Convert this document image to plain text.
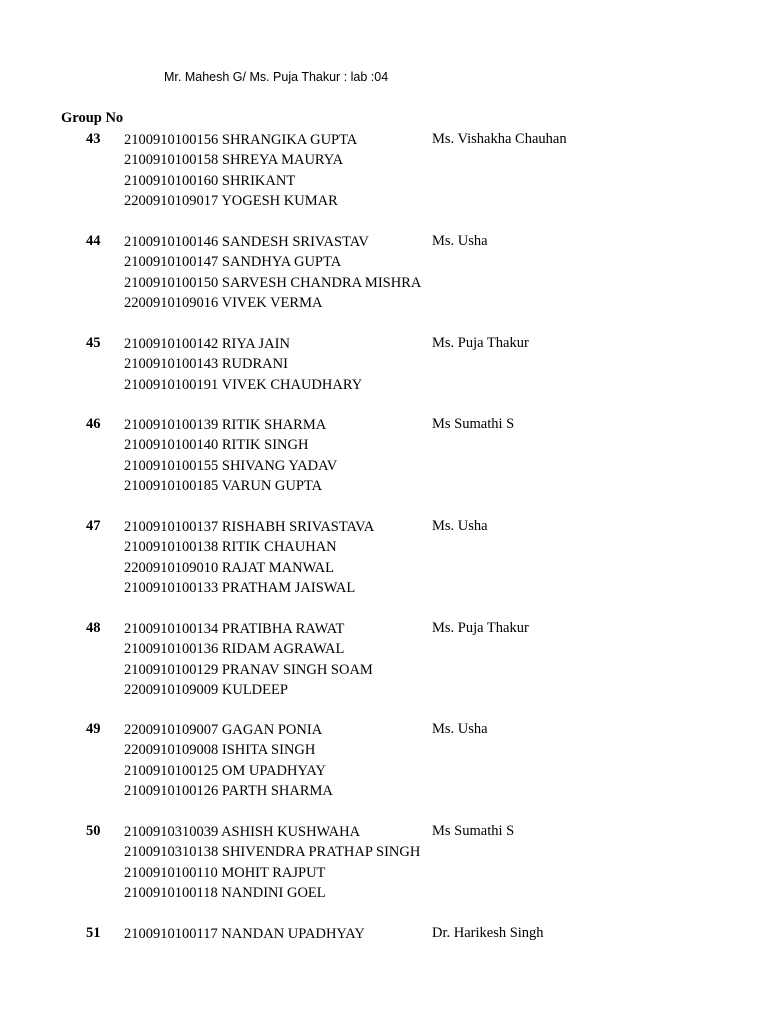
Mr. Mahesh G/ Ms. Puja Thakur : lab :04
Group No
43 2100910100156 SHRANGIKA GUPTA
2100910100158 SHREYA MAURYA
2100910100160 SHRIKANT
2200910109017 YOGESH KUMAR
Ms. Vishakha Chauhan
44 2100910100146 SANDESH SRIVASTAV
2100910100147 SANDHYA GUPTA
2100910100150 SARVESH CHANDRA MISHRA
2200910109016 VIVEK VERMA
Ms. Usha
45 2100910100142 RIYA JAIN
2100910100143 RUDRANI
2100910100191 VIVEK CHAUDHARY
Ms. Puja Thakur
46 2100910100139 RITIK SHARMA
2100910100140 RITIK SINGH
2100910100155 SHIVANG YADAV
2100910100185 VARUN GUPTA
Ms Sumathi S
47 2100910100137 RISHABH SRIVASTAVA
2100910100138 RITIK CHAUHAN
2200910109010 RAJAT MANWAL
2100910100133 PRATHAM JAISWAL
Ms. Usha
48 2100910100134 PRATIBHA RAWAT
2100910100136 RIDAM AGRAWAL
2100910100129 PRANAV SINGH SOAM
2200910109009 KULDEEP
Ms. Puja Thakur
49 2200910109007 GAGAN PONIA
2200910109008 ISHITA SINGH
2100910100125 OM UPADHYAY
2100910100126 PARTH SHARMA
Ms. Usha
50 2100910310039 ASHISH KUSHWAHA
2100910310138 SHIVENDRA PRATHAP SINGH
2100910100110 MOHIT RAJPUT
2100910100118 NANDINI GOEL
Ms Sumathi S
51 2100910100117 NANDAN UPADHYAY	Dr. Harikesh Singh
